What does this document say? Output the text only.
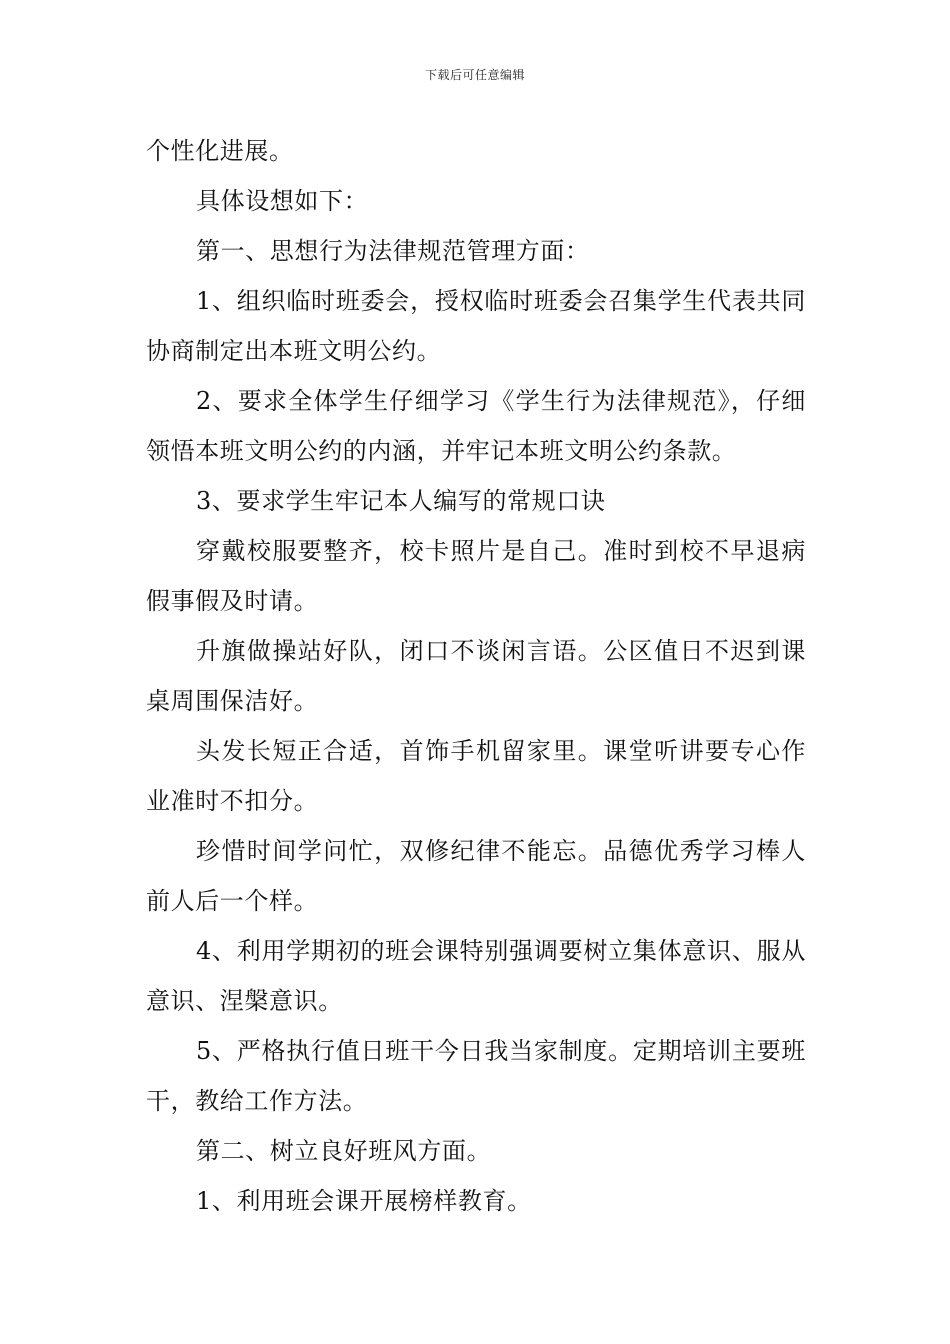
下载后可任意编辑

个性化进展。

具体设想如下：

第一、思想行为法律规范管理方面：

1、组织临时班委会，授权临时班委会召集学生代表共同协商制定出本班文明公约。

2、要求全体学生仔细学习《学生行为法律规范》，仔细领悟本班文明公约的内涵，并牢记本班文明公约条款。

3、要求学生牢记本人编写的常规口诀

穿戴校服要整齐，校卡照片是自己。准时到校不早退病假事假及时请。

升旗做操站好队，闭口不谈闲言语。公区值日不迟到课桌周围保洁好。

头发长短正合适，首饰手机留家里。课堂听讲要专心作业准时不扣分。

珍惜时间学问忙，双修纪律不能忘。品德优秀学习棒人前人后一个样。

4、利用学期初的班会课特别强调要树立集体意识、服从意识、涅槃意识。

5、严格执行值日班干今日我当家制度。定期培训主要班干，教给工作方法。

第二、树立良好班风方面。

1、利用班会课开展榜样教育。
